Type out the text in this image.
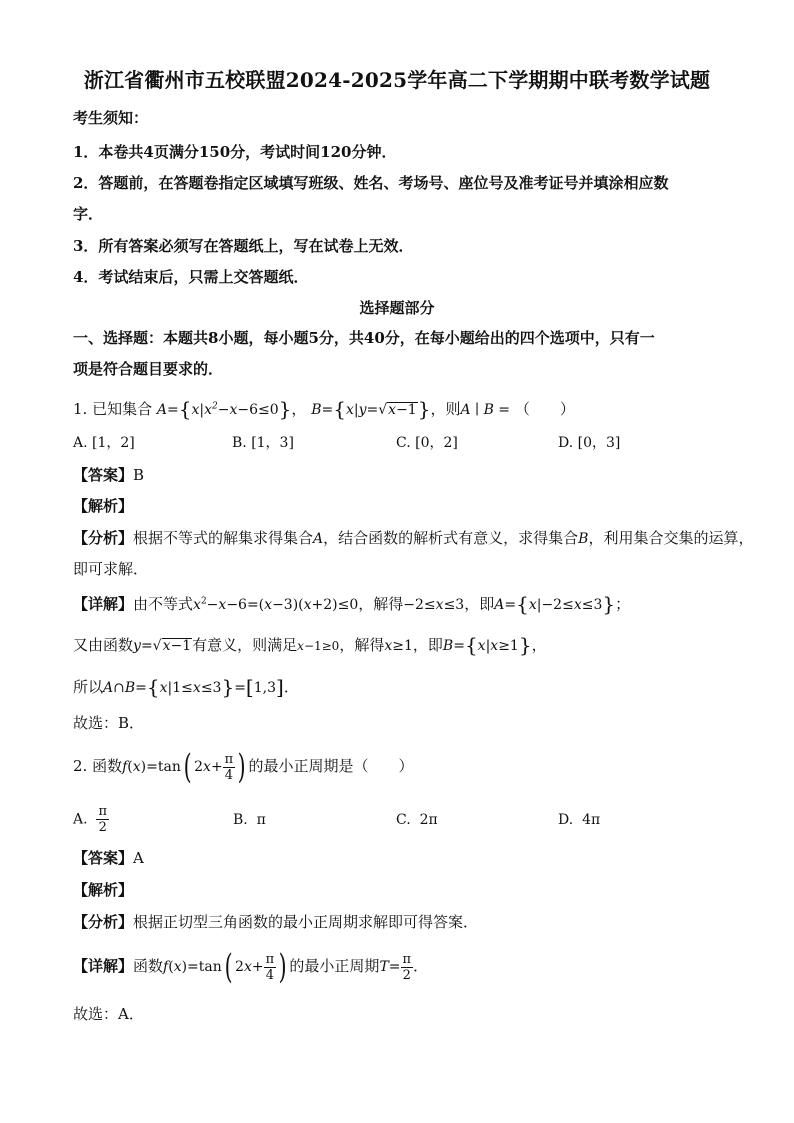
浙江省衢州市五校联盟2024-2025学年高二下学期期中联考数学试题
考生须知：
1．本卷共4页满分150分，考试时间120分钟．
2．答题前，在答题卷指定区域填写班级、姓名、考场号、座位号及准考证号并填涂相应数
字．
3．所有答案必须写在答题纸上，写在试卷上无效．
4．考试结束后，只需上交答题纸．
选择题部分
一、选择题：本题共8小题，每小题5分，共40分，在每小题给出的四个选项中，只有一
项是符合题目要求的．
1. 已知集合 $A=\{x|x^2-x-6\le 0\}$， B={x|y=√x−1}，则A ∣ B = （　　）
A. [1，2]	B. [1，3]	C. [0，2]	D. [0，3]
【答案】B
【解析】
【分析】根据不等式的解集求得集合A，结合函数的解析式有意义，求得集合B，利用集合交集的运算，
即可求解．
【详解】由不等式$x^2-x-6=(x-3)(x+2)\le 0$，解得−2≤x≤3，即A={x|−2≤x≤3}；
又由函数y=√x−1有意义，则满足x−1≥0，解得x≥1，即B={x|x≥1}，
所以A∩B={x|1≤x≤3}=[1,3]．
故选：B．
2. 函数f(x)=tan( $2x+ \frac{\pi}{4}$ ) 的最小正周期是（　　）
A. $\frac{\pi}{2}$	B. π	C. 2π	D. 4π
【答案】A
【解析】
【分析】根据正切型三角函数的最小正周期求解即可得答案．
【详解】函数f(x)=tan( $2x+ \frac{\pi}{4}$ ) 的最小正周期$T= \frac{\pi}{2}$ ．
故选：A．
